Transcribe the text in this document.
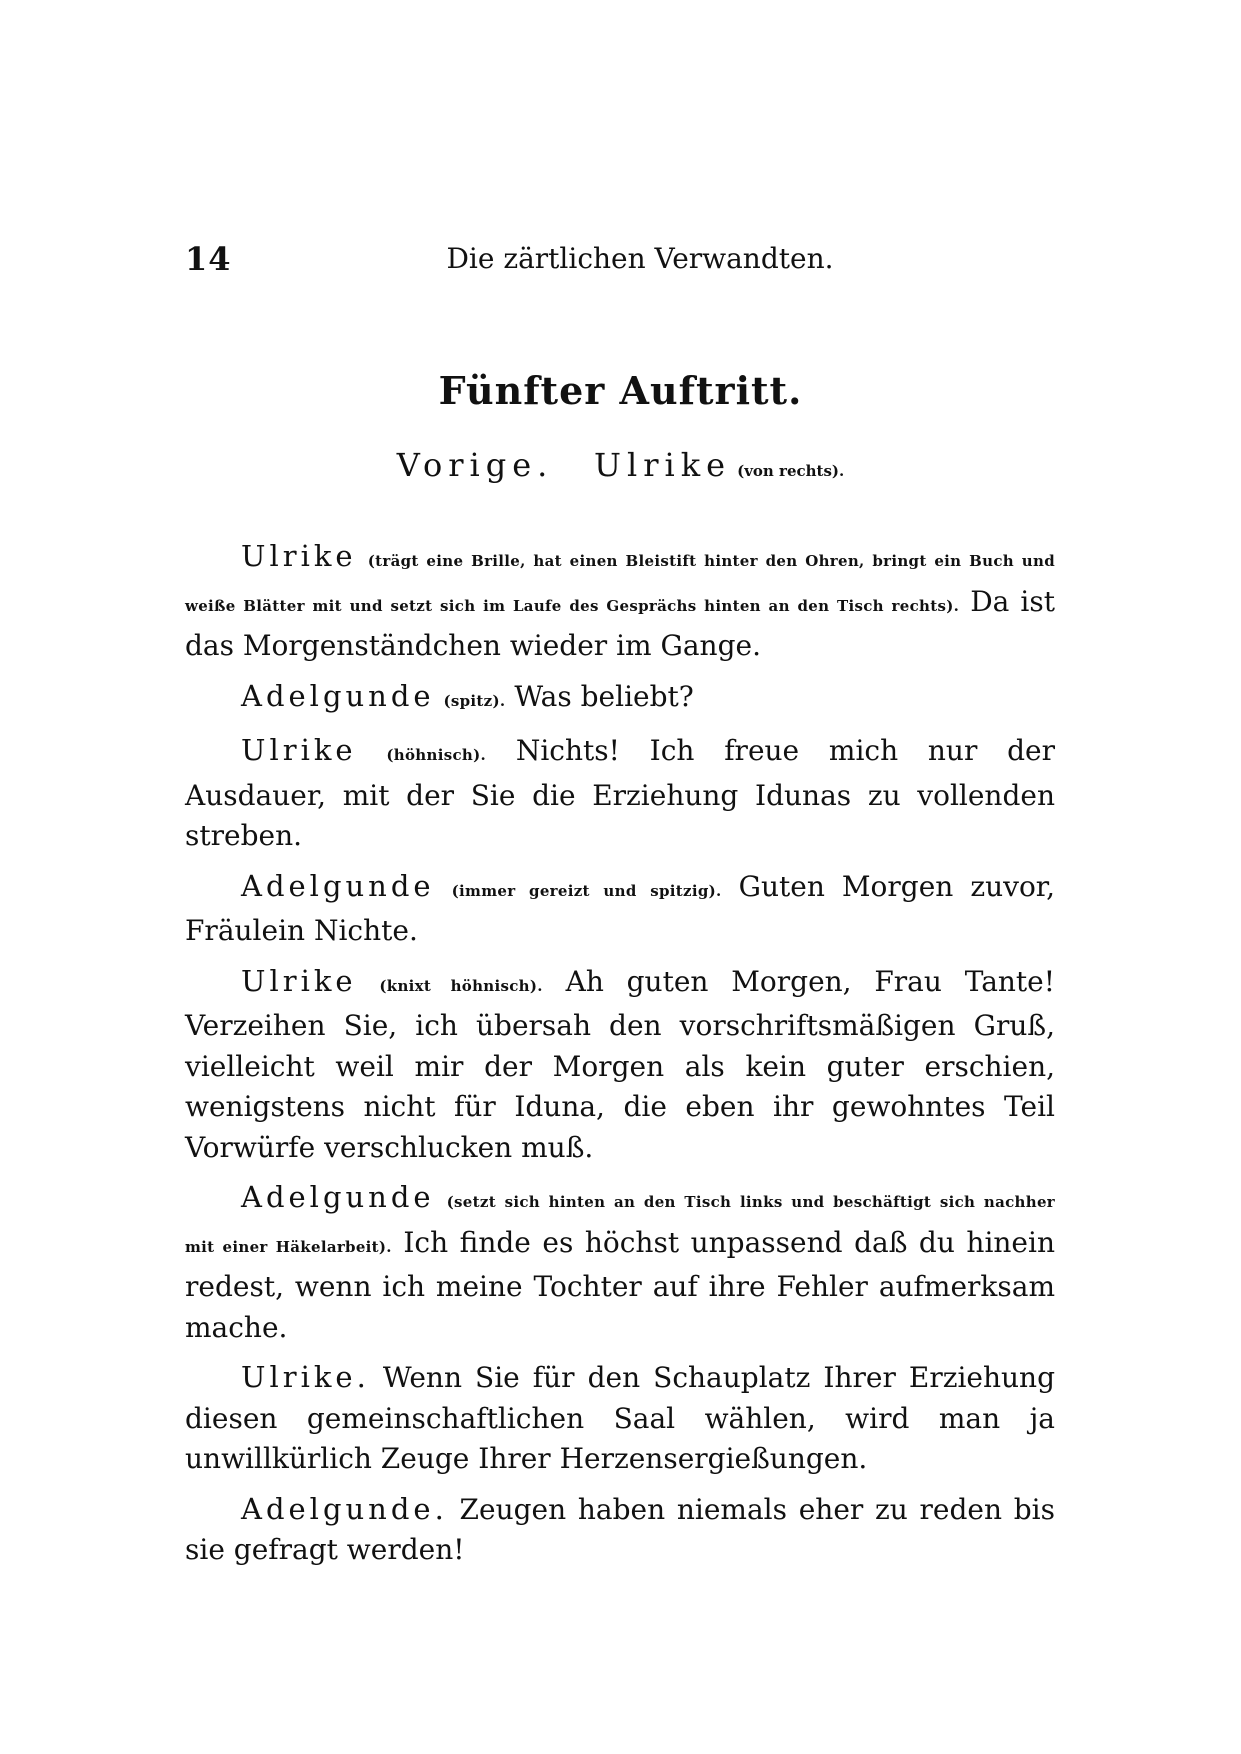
14	Die zärtlichen Verwandten.
Fünfter Auftritt.
Vorige. Ulrike (von rechts).

Ulrike (trägt eine Brille, hat einen Bleistift hinter den Ohren, bringt ein Buch und weiße Blätter mit und setzt sich im Laufe des Gesprächs hinten an den Tisch rechts). Da ist das Morgenständchen wieder im Gange.

Adelgunde (spitz). Was beliebt?

Ulrike (höhnisch). Nichts! Ich freue mich nur der Ausdauer, mit der Sie die Erziehung Idunas zu vollenden streben.

Adelgunde (immer gereizt und spitzig). Guten Morgen zuvor, Fräulein Nichte.

Ulrike (knixt höhnisch). Ah guten Morgen, Frau Tante! Verzeihen Sie, ich übersah den vorschriftsmäßigen Gruß, vielleicht weil mir der Morgen als kein guter erschien, wenigstens nicht für Iduna, die eben ihr gewohntes Teil Vorwürfe verschlucken muß.

Adelgunde (setzt sich hinten an den Tisch links und beschäftigt sich nachher mit einer Häkelarbeit). Ich finde es höchst unpassend daß du hinein redest, wenn ich meine Tochter auf ihre Fehler aufmerksam mache.

Ulrike. Wenn Sie für den Schauplatz Ihrer Erziehung diesen gemeinschaftlichen Saal wählen, wird man ja unwillkürlich Zeuge Ihrer Herzensergießungen.

Adelgunde. Zeugen haben niemals eher zu reden bis sie gefragt werden!
